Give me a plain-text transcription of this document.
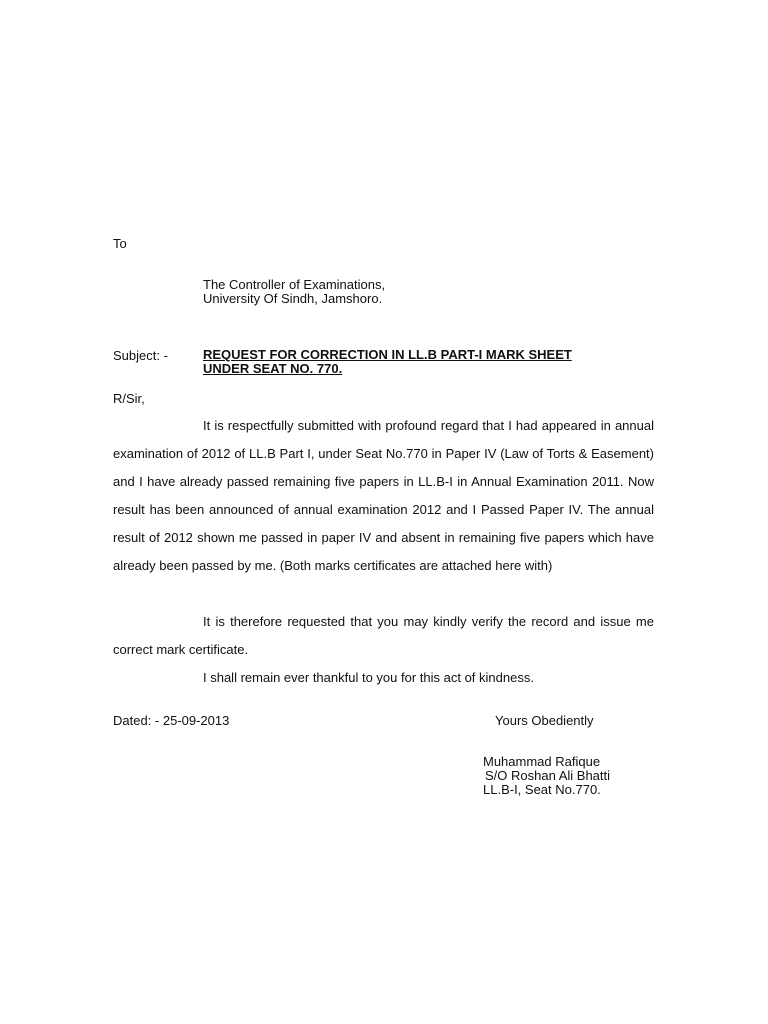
To
The Controller of Examinations,
University Of Sindh, Jamshoro.
Subject: -	REQUEST FOR CORRECTION IN LL.B PART-I MARK SHEET
UNDER SEAT NO. 770.
R/Sir,
It is respectfully submitted with profound regard that I had appeared in annual examination of 2012 of LL.B Part I, under Seat No.770 in Paper IV (Law of Torts & Easement) and I have already passed remaining five papers in LL.B-I in Annual Examination 2011. Now result has been announced of annual examination 2012 and I Passed Paper IV. The annual result of 2012 shown me passed in paper IV and absent in remaining five papers which have already been passed by me. (Both marks certificates are attached here with)
It is therefore requested that you may kindly verify the record and issue me correct mark certificate.
I shall remain ever thankful to you for this act of kindness.
Dated: - 25-09-2013	Yours Obediently
Muhammad Rafique
S/O Roshan Ali Bhatti
LL.B-I, Seat No.770.
